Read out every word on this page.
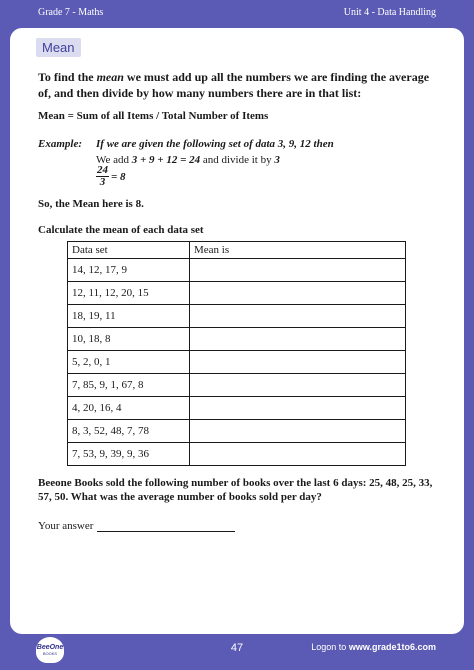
Grade 7 - Maths	Unit 4 - Data Handling
Mean
To find the mean we must add up all the numbers we are finding the average of, and then divide by how many numbers there are in that list:
Mean = Sum of all Items / Total Number of Items
Example: If we are given the following set of data 3, 9, 12 then
We add 3 + 9 + 12 = 24 and divide it by 3
$\frac{24}{3} = 8$
So, the Mean here is 8.
Calculate the mean of each data set
Data set	Mean is
14, 12, 17, 9	
12, 11, 12, 20, 15	
18, 19, 11	
10, 18, 8	
5, 2, 0, 1	
7, 85, 9, 1, 67, 8	
4, 20, 16, 4	
8, 3, 52, 48, 7, 78	
7, 53, 9, 39, 9, 36	
Beeone Books sold the following number of books over the last 6 days: 25, 48, 25, 33, 57, 50. What was the average number of books sold per day?
Your answer
BeeOne
BOOKS	47	Logon to www.grade1to6.com
